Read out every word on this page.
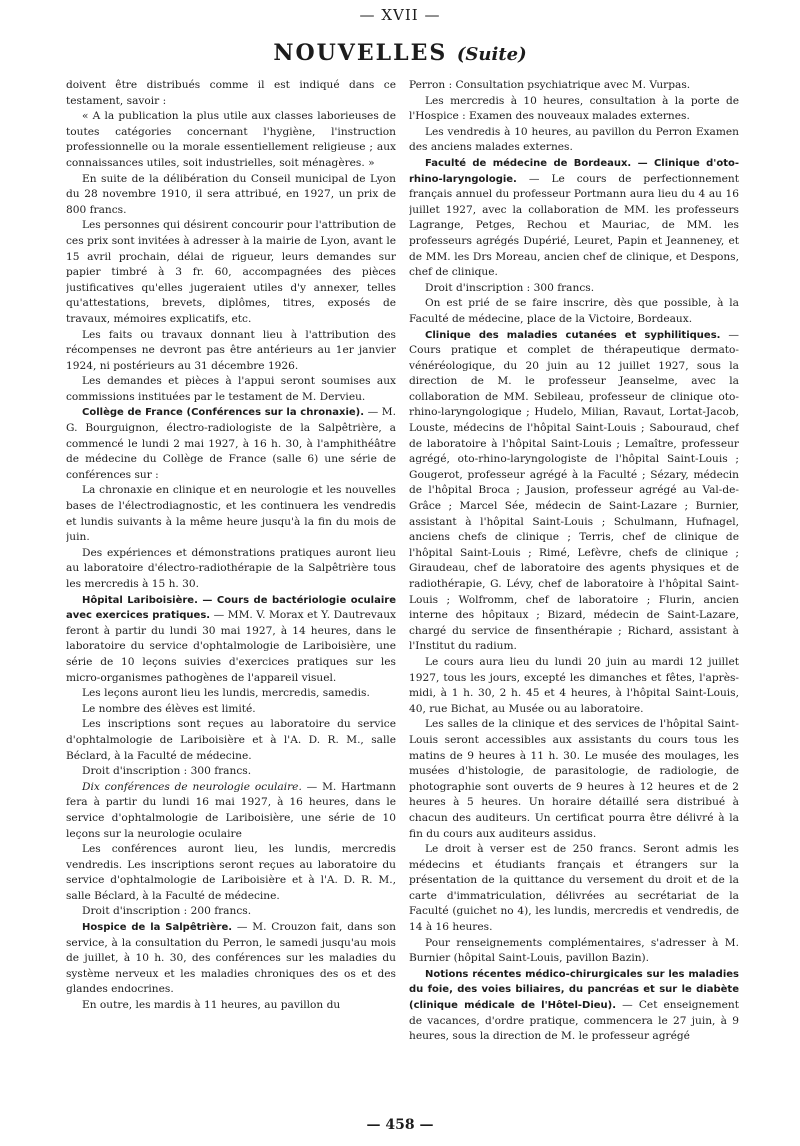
— XVII —
NOUVELLES (Suite)

doivent être distribués comme il est indiqué dans ce testament, savoir :

« A la publication la plus utile aux classes laborieuses de toutes catégories concernant l'hygiène, l'instruction professionnelle ou la morale essentiellement religieuse ; aux connaissances utiles, soit industrielles, soit ménagères. »

En suite de la délibération du Conseil municipal de Lyon du 28 novembre 1910, il sera attribué, en 1927, un prix de 800 francs.

Les personnes qui désirent concourir pour l'attribution de ces prix sont invitées à adresser à la mairie de Lyon, avant le 15 avril prochain, délai de rigueur, leurs demandes sur papier timbré à 3 fr. 60, accompagnées des pièces justificatives qu'elles jugeraient utiles d'y annexer, telles qu'attestations, brevets, diplômes, titres, exposés de travaux, mémoires explicatifs, etc.

Les faits ou travaux donnant lieu à l'attribution des récompenses ne devront pas être antérieurs au 1er janvier 1924, ni postérieurs au 31 décembre 1926.

Les demandes et pièces à l'appui seront soumises aux commissions instituées par le testament de M. Dervieu.

Collège de France (Conférences sur la chronaxie). — M. G. Bourguignon, électro-radiologiste de la Salpêtrière, a commencé le lundi 2 mai 1927, à 16 h. 30, à l'amphithéâtre de médecine du Collège de France (salle 6) une série de conférences sur :

La chronaxie en clinique et en neurologie et les nouvelles bases de l'électrodiagnostic, et les continuera les vendredis et lundis suivants à la même heure jusqu'à la fin du mois de juin.

Des expériences et démonstrations pratiques auront lieu au laboratoire d'électro-radiothérapie de la Salpêtrière tous les mercredis à 15 h. 30.

Hôpital Lariboisière. — Cours de bactériologie oculaire avec exercices pratiques. — MM. V. Morax et Y. Dautrevaux feront à partir du lundi 30 mai 1927, à 14 heures, dans le laboratoire du service d'ophtalmologie de Lariboisière, une série de 10 leçons suivies d'exercices pratiques sur les micro-organismes pathogènes de l'appareil visuel.

Les leçons auront lieu les lundis, mercredis, samedis.

Le nombre des élèves est limité.

Les inscriptions sont reçues au laboratoire du service d'ophtalmologie de Lariboisière et à l'A. D. R. M., salle Béclard, à la Faculté de médecine.

Droit d'inscription : 300 francs.

Dix conférences de neurologie oculaire. — M. Hartmann fera à partir du lundi 16 mai 1927, à 16 heures, dans le service d'ophtalmologie de Lariboisière, une série de 10 leçons sur la neurologie oculaire

Les conférences auront lieu, les lundis, mercredis vendredis. Les inscriptions seront reçues au laboratoire du service d'ophtalmologie de Lariboisière et à l'A. D. R. M., salle Béclard, à la Faculté de médecine.

Droit d'inscription : 200 francs.

Hospice de la Salpêtrière. — M. Crouzon fait, dans son service, à la consultation du Perron, le samedi jusqu'au mois de juillet, à 10 h. 30, des conférences sur les maladies du système nerveux et les maladies chroniques des os et des glandes endocrines.

En outre, les mardis à 11 heures, au pavillon du

Perron : Consultation psychiatrique avec M. Vurpas.

Les mercredis à 10 heures, consultation à la porte de l'Hospice : Examen des nouveaux malades externes.

Les vendredis à 10 heures, au pavillon du Perron Examen des anciens malades externes.

Faculté de médecine de Bordeaux. — Clinique d'oto-rhino-laryngologie. — Le cours de perfectionnement français annuel du professeur Portmann aura lieu du 4 au 16 juillet 1927, avec la collaboration de MM. les professeurs Lagrange, Petges, Rechou et Mauriac, de MM. les professeurs agrégés Dupérié, Leuret, Papin et Jeanneney, et de MM. les Drs Moreau, ancien chef de clinique, et Despons, chef de clinique.

Droit d'inscription : 300 francs.

On est prié de se faire inscrire, dès que possible, à la Faculté de médecine, place de la Victoire, Bordeaux.

Clinique des maladies cutanées et syphilitiques. — Cours pratique et complet de thérapeutique dermato-vénéréologique, du 20 juin au 12 juillet 1927, sous la direction de M. le professeur Jeanselme, avec la collaboration de MM. Sebileau, professeur de clinique oto-rhino-laryngologique ; Hudelo, Milian, Ravaut, Lortat-Jacob, Louste, médecins de l'hôpital Saint-Louis ; Sabouraud, chef de laboratoire à l'hôpital Saint-Louis ; Lemaître, professeur agrégé, oto-rhino-laryngologiste de l'hôpital Saint-Louis ; Gougerot, professeur agrégé à la Faculté ; Sézary, médecin de l'hôpital Broca ; Jausion, professeur agrégé au Val-de-Grâce ; Marcel Sée, médecin de Saint-Lazare ; Burnier, assistant à l'hôpital Saint-Louis ; Schulmann, Hufnagel, anciens chefs de clinique ; Terris, chef de clinique de l'hôpital Saint-Louis ; Rimé, Lefèvre, chefs de clinique ; Giraudeau, chef de laboratoire des agents physiques et de radiothérapie, G. Lévy, chef de laboratoire à l'hôpital Saint-Louis ; Wolfromm, chef de laboratoire ; Flurin, ancien interne des hôpitaux ; Bizard, médecin de Saint-Lazare, chargé du service de finsenthérapie ; Richard, assistant à l'Institut du radium.

Le cours aura lieu du lundi 20 juin au mardi 12 juillet 1927, tous les jours, excepté les dimanches et fêtes, l'après-midi, à 1 h. 30, 2 h. 45 et 4 heures, à l'hôpital Saint-Louis, 40, rue Bichat, au Musée ou au laboratoire.

Les salles de la clinique et des services de l'hôpital Saint-Louis seront accessibles aux assistants du cours tous les matins de 9 heures à 11 h. 30. Le musée des moulages, les musées d'histologie, de parasitologie, de radiologie, de photographie sont ouverts de 9 heures à 12 heures et de 2 heures à 5 heures. Un horaire détaillé sera distribué à chacun des auditeurs. Un certificat pourra être délivré à la fin du cours aux auditeurs assidus.

Le droit à verser est de 250 francs. Seront admis les médecins et étudiants français et étrangers sur la présentation de la quittance du versement du droit et de la carte d'immatriculation, délivrées au secrétariat de la Faculté (guichet no 4), les lundis, mercredis et vendredis, de 14 à 16 heures.

Pour renseignements complémentaires, s'adresser à M. Burnier (hôpital Saint-Louis, pavillon Bazin).

Notions récentes médico-chirurgicales sur les maladies du foie, des voies biliaires, du pancréas et sur le diabète (clinique médicale de l'Hôtel-Dieu). — Cet enseignement de vacances, d'ordre pratique, commencera le 27 juin, à 9 heures, sous la direction de M. le professeur agrégé

— 458 —
